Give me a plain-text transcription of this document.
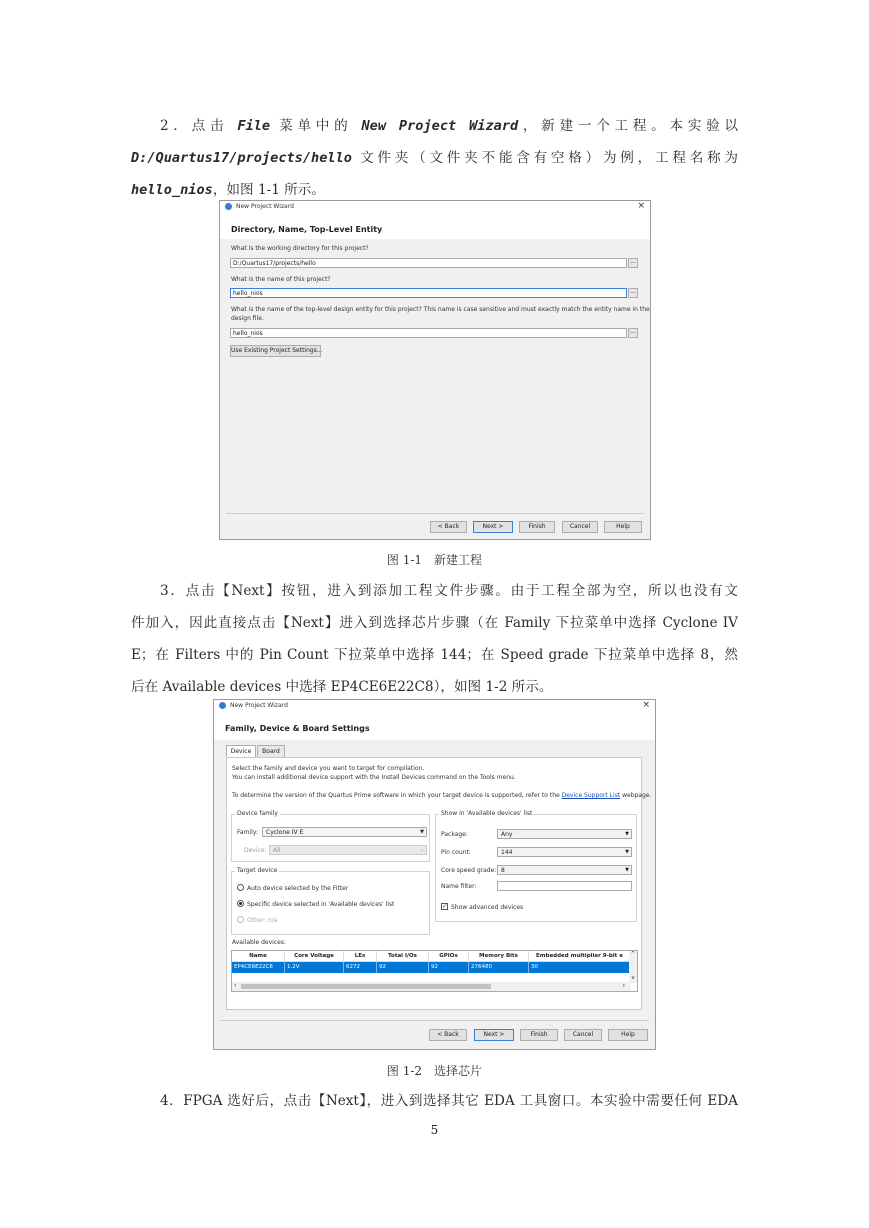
2．点击 File 菜单中的 New Project Wizard，新建一个工程。本实验以
D:/Quartus17/projects/hello 文件夹（文件夹不能含有空格）为例，工程名称为
hello_nios，如图 1-1 所示。
New Project Wizard	×
Directory, Name, Top-Level Entity
What is the working directory for this project?
D:/Quartus17/projects/hello	...
What is the name of this project?
hello_nios	...
What is the name of the top-level design entity for this project? This name is case sensitive and must exactly match the entity name in the
design file.
hello_nios	...
Use Existing Project Settings...
< Back	Next >	Finish	Cancel	Help
图 1-1　新建工程
3．点击【Next】按钮，进入到添加工程文件步骤。由于工程全部为空，所以也没有文
件加入，因此直接点击【Next】进入到选择芯片步骤（在 Family 下拉菜单中选择 Cyclone IV
E；在 Filters 中的 Pin Count 下拉菜单中选择 144；在 Speed grade 下拉菜单中选择 8，然
后在 Available devices 中选择 EP4CE6E22C8），如图 1-2 所示。
New Project Wizard	×
Family, Device & Board Settings
Device	Board
Select the family and device you want to target for compilation.
You can install additional device support with the Install Devices command on the Tools menu.
To determine the version of the Quartus Prime software in which your target device is supported, refer to the Device Support List webpage.
Device family
Family:	Cyclone IV E	▼
Device:	All	⌄
Target device
Auto device selected by the Fitter
Specific device selected in 'Available devices' list
Other: n/a
Show in 'Available devices' list
Package:	Any	▼
Pin count:	144	▼
Core speed grade: 8	▼
Name filter:
✓ Show advanced devices
Available devices:
Name	Core Voltage	LEs	Total I/Os	GPIOs	Memory Bits	Embedded multiplier 9-bit e
EP4CE6E22C8	1.2V	6272	92	92	276480	30
^
v
‹	›
< Back	Next >	Finish	Cancel	Help
图 1-2　选择芯片
4．FPGA 选好后，点击【Next】，进入到选择其它 EDA 工具窗口。本实验中需要任何 EDA
5
